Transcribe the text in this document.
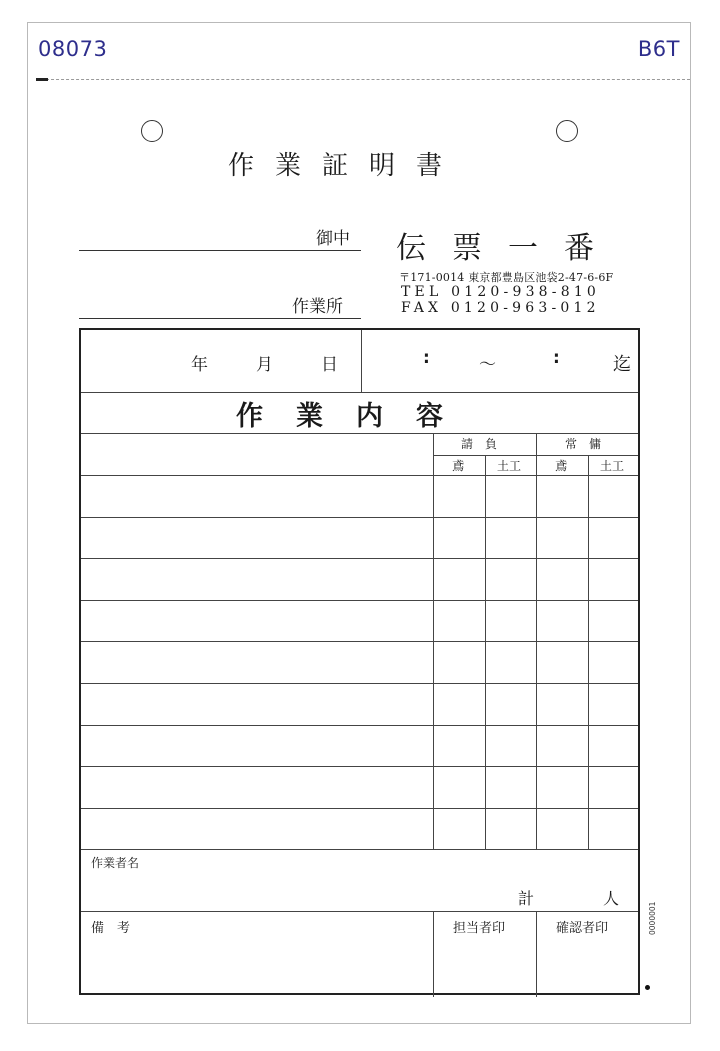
08073	B6T
作業証明書
御中
作業所
伝票一番
〒171-0014 東京都豊島区池袋2-47-6-6F
TEL 0120-938-810
FAX 0120-963-012
年	月	日	:	～	:	迄
作業内容
請　負	常　傭
鳶	土工	鳶	土工
作業者名
計	人
備　考	担当者印	確認者印	0000001
